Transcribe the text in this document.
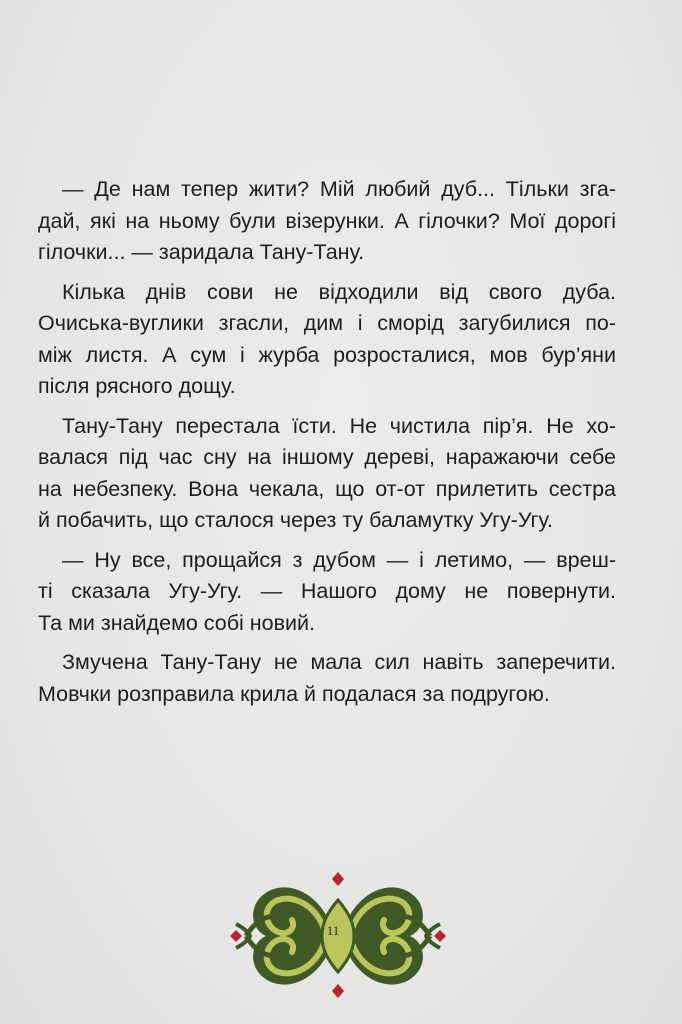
— Де нам тепер жити? Мій любий дуб... Тільки зга-
дай, які на ньому були візерунки. А гілочки? Мої дорогі
гілочки... — заридала Тану-Тану.

Кілька днів сови не відходили від свого дуба.
Очиська-вуглики згасли, дим і сморід загубилися по-
між листя. А сум і журба розросталися, мов бур’яни
після рясного дощу.

Тану-Тану перестала їсти. Не чистила пір’я. Не хо-
валася під час сну на іншому дереві, наражаючи себе
на небезпеку. Вона чекала, що от-от прилетить сестра
й побачить, що сталося через ту баламутку Угу-Угу.

— Ну все, прощайся з дубом — і летимо, — вреш-
ті сказала Угу-Угу. — Нашого дому не повернути.
Та ми знайдемо собі новий.

Змучена Тану-Тану не мала сил навіть заперечити.
Мовчки розправила крила й подалася за подругою.

11
